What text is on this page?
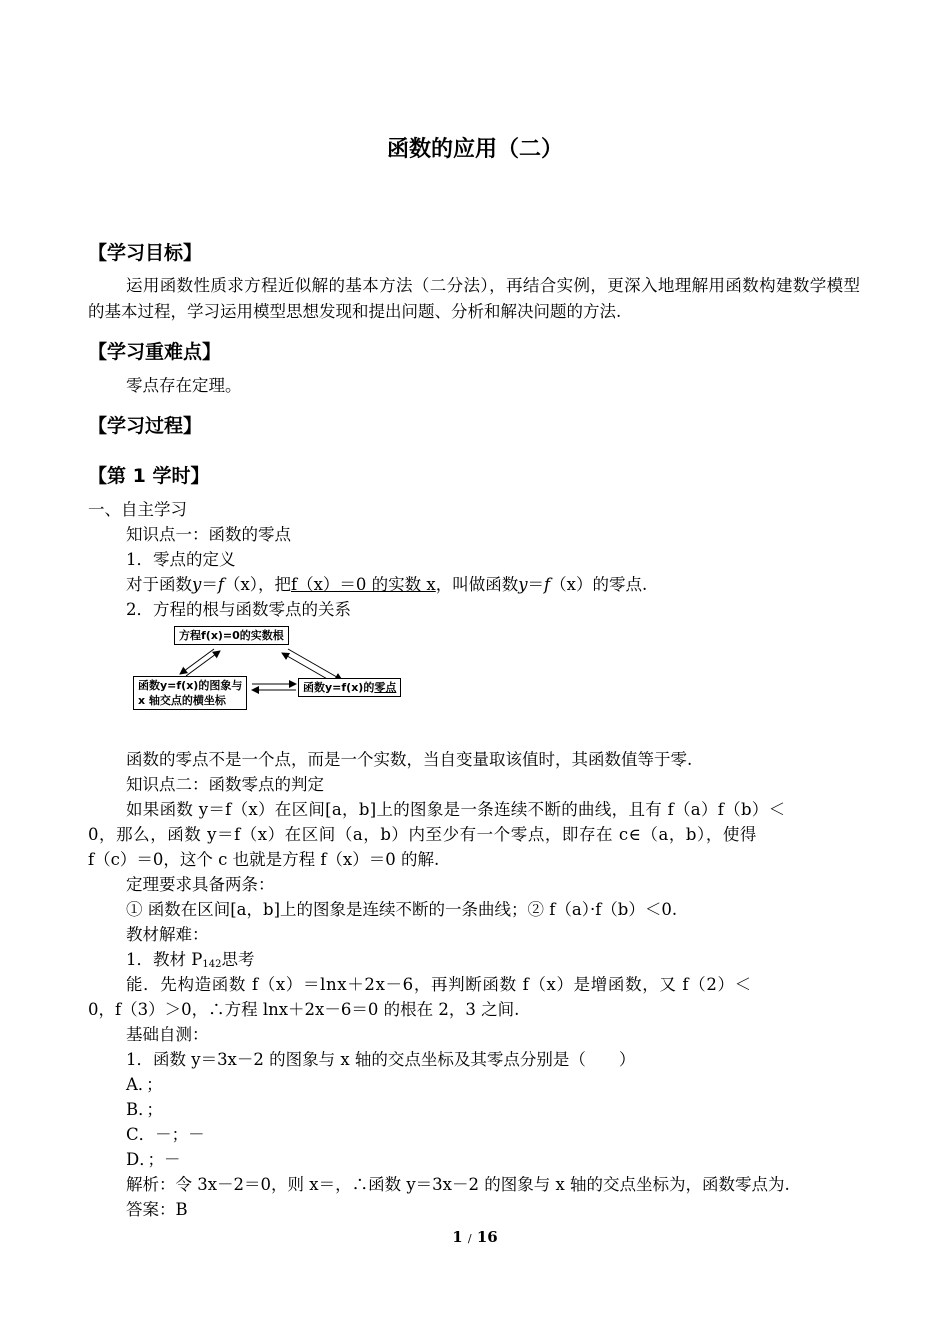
函数的应用（二）
【学习目标】
运用函数性质求方程近似解的基本方法（二分法），再结合实例，更深入地理解用函数构建数学模型的基本过程，学习运用模型思想发现和提出问题、分析和解决问题的方法.
【学习重难点】
零点存在定理。
【学习过程】
【第 1 学时】
一、自主学习
知识点一：函数的零点
1．零点的定义
对于函数y＝f（x），把f（x）＝0 的实数 x，叫做函数y＝f（x）的零点.
2．方程的根与函数零点的关系
方程f(x)=0的实数根
函数y=f(x)的图象与
x 轴交点的横坐标
函数y=f(x)的零点
函数的零点不是一个点，而是一个实数，当自变量取该值时，其函数值等于零.
知识点二：函数零点的判定
如果函数 y＝f（x）在区间[a，b]上的图象是一条连续不断的曲线，且有 f（a）f（b）＜
0，那么，函数 y＝f（x）在区间（a，b）内至少有一个零点，即存在 c∈（a，b），使得
f（c）＝0，这个 c 也就是方程 f（x）＝0 的解.
定理要求具备两条：
① 函数在区间[a，b]上的图象是连续不断的一条曲线；② f（a）·f（b）＜0.
教材解难：
1．教材 $P_{142}$思考
能．先构造函数 f（x）＝lnx＋2x－6，再判断函数 f（x）是增函数，又 f（2）＜
0，f（3）＞0，∴方程 lnx＋2x－6＝0 的根在 2，3 之间.
基础自测：
1．函数 y＝3x－2 的图象与 x 轴的交点坐标及其零点分别是（　　）
A．；
B．；
C．－；－
D．；－
解析：令 3x－2＝0，则 x＝，∴函数 y＝3x－2 的图象与 x 轴的交点坐标为，函数零点为.
答案：B
1 / 16
